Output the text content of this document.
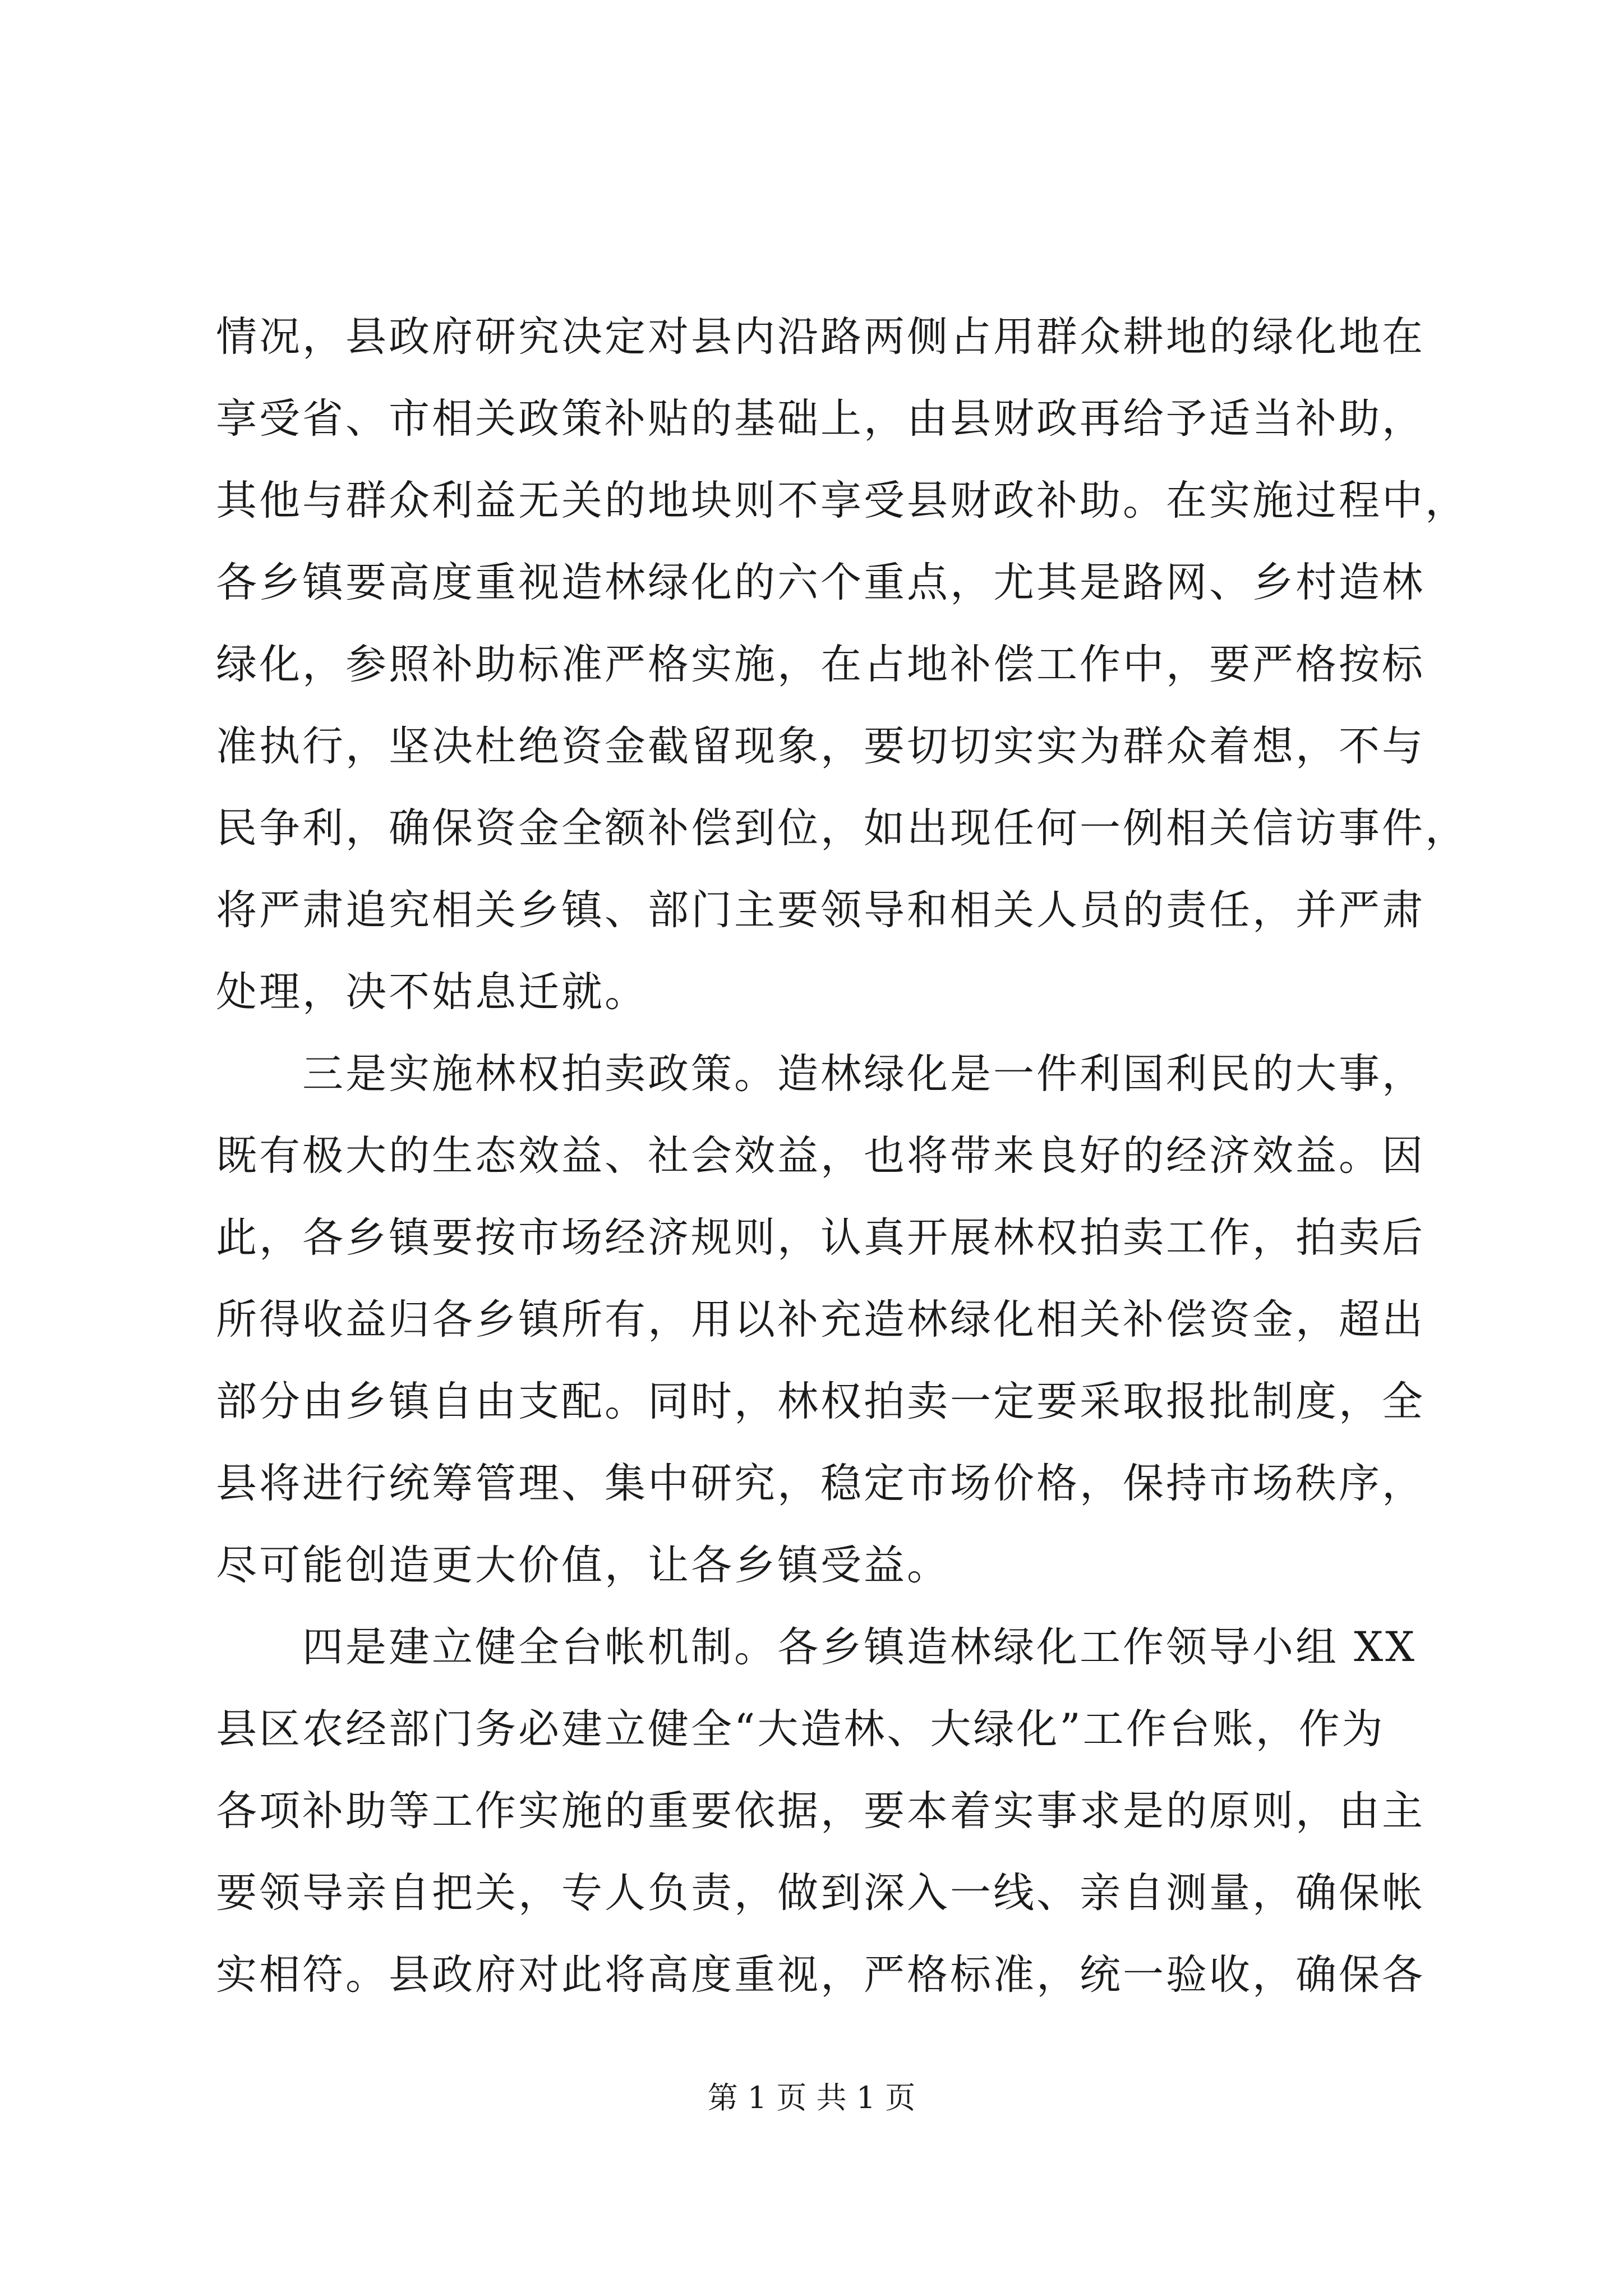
情况，县政府研究决定对县内沿路两侧占用群众耕地的绿化地在
享受省、市相关政策补贴的基础上，由县财政再给予适当补助，
其他与群众利益无关的地块则不享受县财政补助。在实施过程中，
各乡镇要高度重视造林绿化的六个重点，尤其是路网、乡村造林
绿化，参照补助标准严格实施，在占地补偿工作中，要严格按标
准执行，坚决杜绝资金截留现象，要切切实实为群众着想，不与
民争利，确保资金全额补偿到位，如出现任何一例相关信访事件，
将严肃追究相关乡镇、部门主要领导和相关人员的责任，并严肃
处理，决不姑息迁就。
　　三是实施林权拍卖政策。造林绿化是一件利国利民的大事，
既有极大的生态效益、社会效益，也将带来良好的经济效益。因
此，各乡镇要按市场经济规则，认真开展林权拍卖工作，拍卖后
所得收益归各乡镇所有，用以补充造林绿化相关补偿资金，超出
部分由乡镇自由支配。同时，林权拍卖一定要采取报批制度，全
县将进行统筹管理、集中研究，稳定市场价格，保持市场秩序，
尽可能创造更大价值，让各乡镇受益。
　　四是建立健全台帐机制。各乡镇造林绿化工作领导小组 XX
县区农经部门务必建立健全“大造林、大绿化”工作台账，作为
各项补助等工作实施的重要依据，要本着实事求是的原则，由主
要领导亲自把关，专人负责，做到深入一线、亲自测量，确保帐
实相符。县政府对此将高度重视，严格标准，统一验收，确保各
第 1 页 共 1 页
